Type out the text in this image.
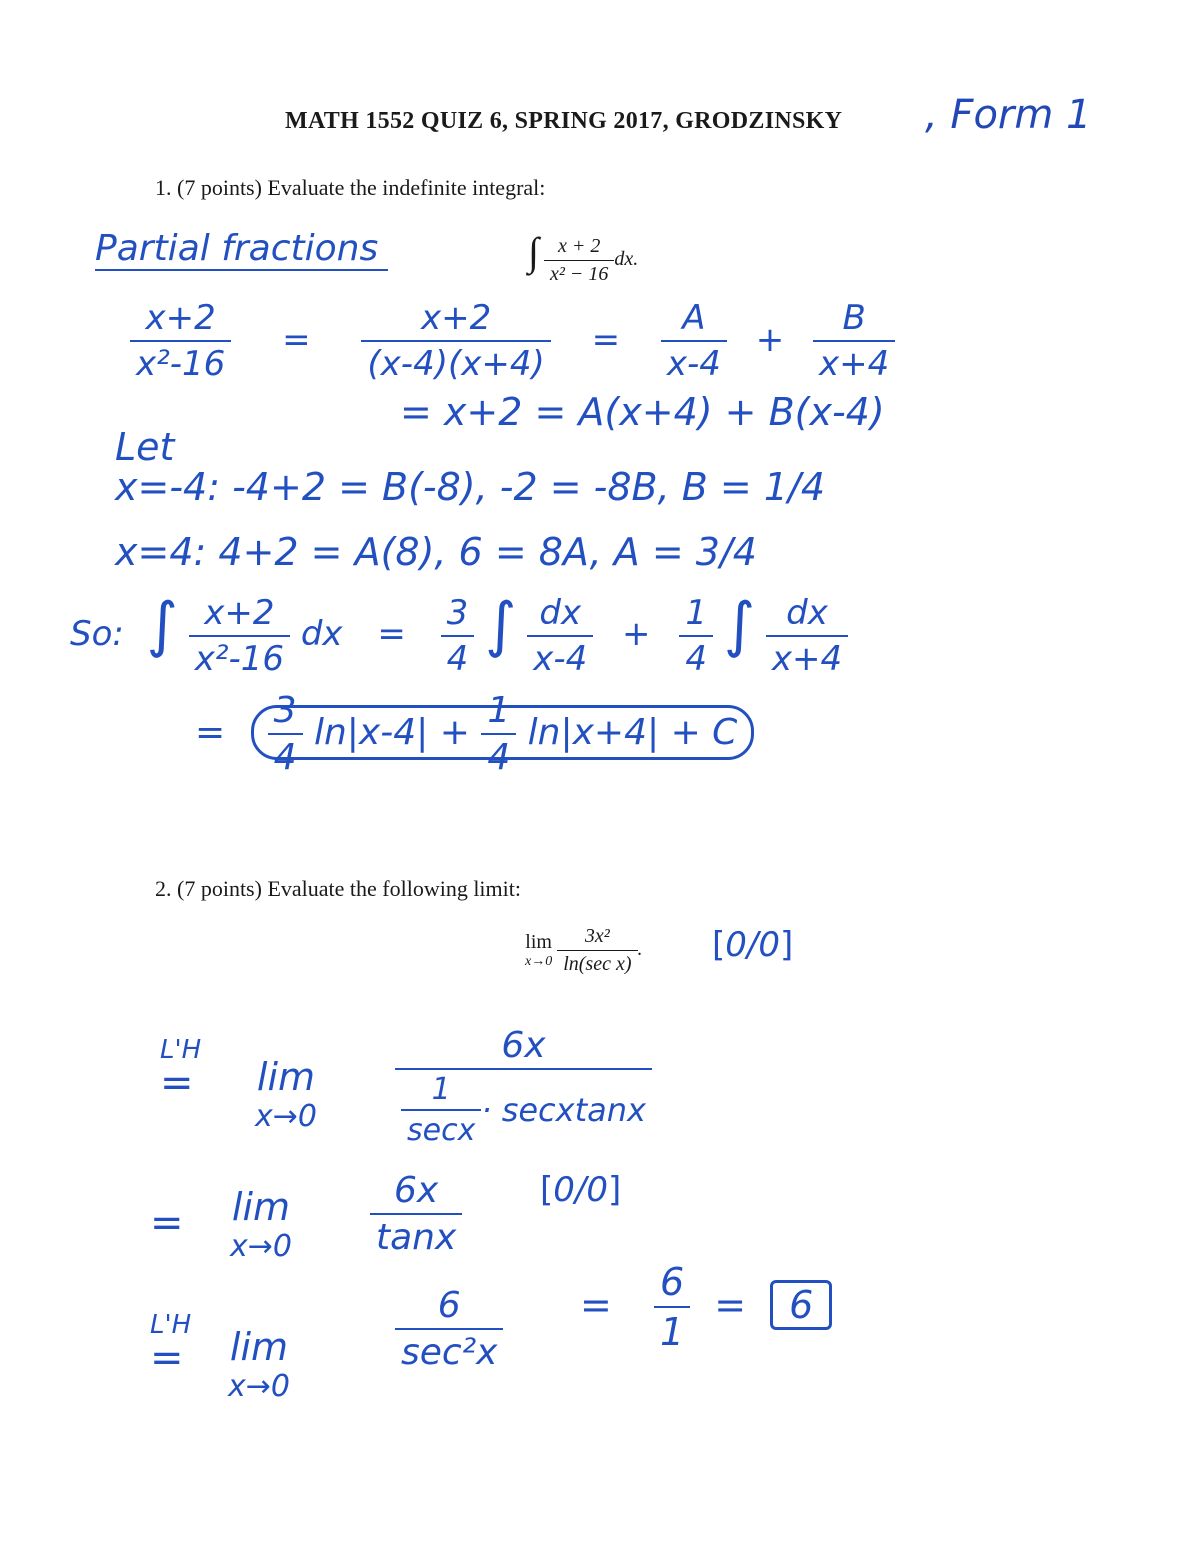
MATH 1552 QUIZ 6, SPRING 2017, GRODZINSKY , Form 1
1. (7 points) Evaluate the indefinite integral:
∫ $\frac{x + 2}{\text{x² − 16}}$ dx.
Partial fractions
$\frac{x+2}{\text{x²-16}} = \frac{x+2}{(x-4)(x+4)} = \frac{A}{x-4} + \frac{B}{x+4}$
= x+2 = A(x+4) + B(x-4)
Let
x=-4: -4+2 = B(-8), -2 = -8B, B = 1/4
x=4: 4+2 = A(8), 6 = 8A, A = 3/4
So: ∫ $\frac{x+2}{\text{x²-16}}$ dx = $\frac{3}{4}$ ∫ $\frac{dx}{x-4} + \frac{1}{4}$ ∫ $\frac{dx}{x+4}$
= $\frac{3}{4} \ln|x-4| + \frac{1}{4} \ln|x+4| + C$
2. (7 points) Evaluate the following limit:
lim
x→0
$\frac{\text{3x²}}{\text{ln(sec x)}}$ . [0/0]
L'H
= lim
$x\to 0 \frac{6x}{\frac{1}{\sec x} \cdot secxtanx}$
= lim
$x\to 0 \frac{6x}{\tan x} [0/0]$
L'H
= lim
x→0
$\frac{6}{\text{sec²x}} = \frac{6}{1} = 6$
